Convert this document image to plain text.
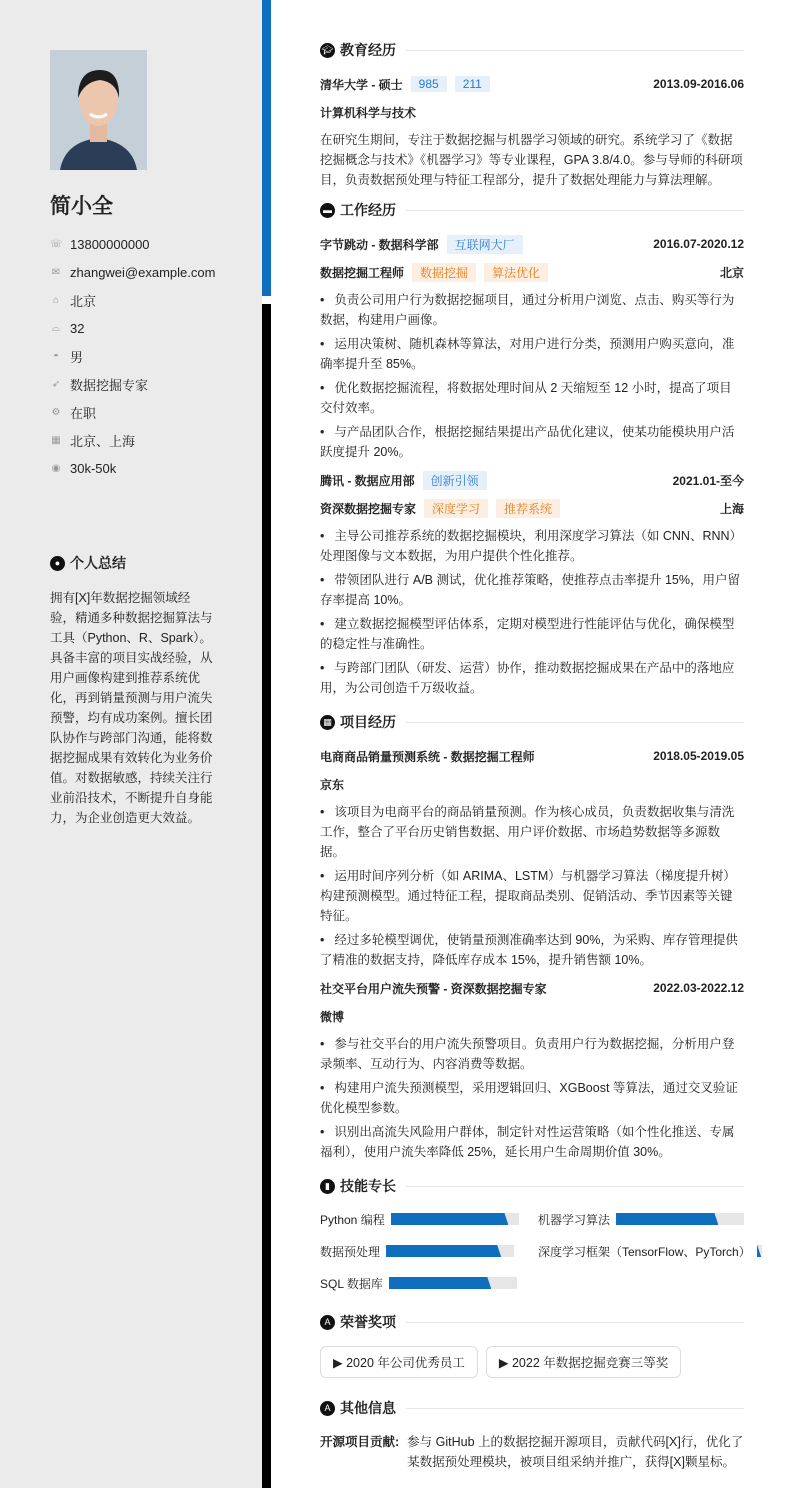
简小全
☏ 13800000000
✉ zhangwei@example.com
⌂ 北京
⌓ 32
◓ 男
➶ 数据挖掘专家
⚙ 在职
▦ 北京、上海
◉ 30k-50k
● 个人总结
拥有[X]年数据挖掘领域经验，精通多种数据挖掘算法与工具（Python、R、Spark）。具备丰富的项目实战经验，从用户画像构建到推荐系统优化，再到销量预测与用户流失预警，均有成功案例。擅长团队协作与跨部门沟通，能将数据挖掘成果有效转化为业务价值。对数据敏感，持续关注行业前沿技术，不断提升自身能力，为企业创造更大效益。
🎓︎ 教育经历
清华大学 - 硕士	985	211	2013.09-2016.06
计算机科学与技术
在研究生期间，专注于数据挖掘与机器学习领域的研究。系统学习了《数据挖掘概念与技术》《机器学习》等专业课程，GPA 3.8/4.0。参与导师的科研项目，负责数据预处理与特征工程部分，提升了数据处理能力与算法理解。
▬ 工作经历
字节跳动 - 数据科学部	互联网大厂	2016.07-2020.12
数据挖掘工程师	数据挖掘	算法优化	北京
• 负责公司用户行为数据挖掘项目，通过分析用户浏览、点击、购买等行为数据，构建用户画像。
• 运用决策树、随机森林等算法，对用户进行分类，预测用户购买意向，准确率提升至 85%。
• 优化数据挖掘流程，将数据处理时间从 2 天缩短至 12 小时，提高了项目交付效率。
• 与产品团队合作，根据挖掘结果提出产品优化建议，使某功能模块用户活跃度提升 20%。
腾讯 - 数据应用部	创新引领	2021.01-至今
资深数据挖掘专家	深度学习	推荐系统	上海
• 主导公司推荐系统的数据挖掘模块，利用深度学习算法（如 CNN、RNN）处理图像与文本数据，为用户提供个性化推荐。
• 带领团队进行 A/B 测试，优化推荐策略，使推荐点击率提升 15%，用户留存率提高 10%。
• 建立数据挖掘模型评估体系，定期对模型进行性能评估与优化，确保模型的稳定性与准确性。
• 与跨部门团队（研发、运营）协作，推动数据挖掘成果在产品中的落地应用，为公司创造千万级收益。
▦ 项目经历
电商商品销量预测系统 - 数据挖掘工程师	2018.05-2019.05
京东
• 该项目为电商平台的商品销量预测。作为核心成员，负责数据收集与清洗工作，整合了平台历史销售数据、用户评价数据、市场趋势数据等多源数据。
• 运用时间序列分析（如 ARIMA、LSTM）与机器学习算法（梯度提升树）构建预测模型。通过特征工程，提取商品类别、促销活动、季节因素等关键特征。
• 经过多轮模型调优，使销量预测准确率达到 90%，为采购、库存管理提供了精准的数据支持，降低库存成本 15%，提升销售额 10%。
社交平台用户流失预警 - 资深数据挖掘专家	2022.03-2022.12
微博
• 参与社交平台的用户流失预警项目。负责用户行为数据挖掘，分析用户登录频率、互动行为、内容消费等数据。
• 构建用户流失预测模型，采用逻辑回归、XGBoost 等算法，通过交叉验证优化模型参数。
• 识别出高流失风险用户群体，制定针对性运营策略（如个性化推送、专属福利），使用户流失率降低 25%，延长用户生命周期价值 30%。
▮ 技能专长
Python 编程	机器学习算法
数据预处理	深度学习框架（TensorFlow、PyTorch）
SQL 数据库
A 荣誉奖项
▶ 2020 年公司优秀员工	▶ 2022 年数据挖掘竞赛三等奖
A 其他信息
开源项目贡献: 参与 GitHub 上的数据挖掘开源项目，贡献代码[X]行，优化了某数据预处理模块，被项目组采纳并推广，获得[X]颗星标。
